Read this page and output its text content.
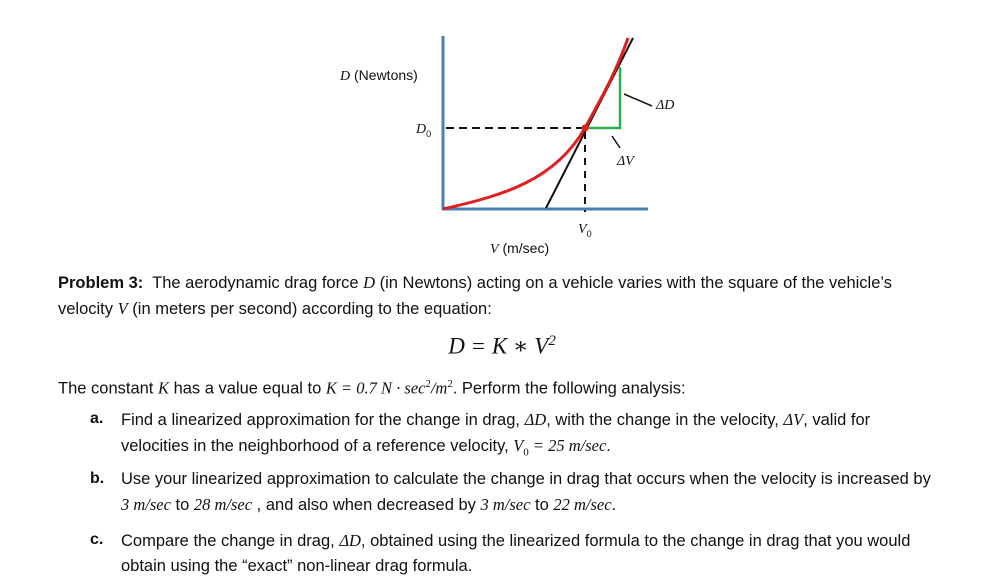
D (Newtons)
$D_0$
$V_0$
ΔD
ΔV
V (m/sec)
Problem 3: The aerodynamic drag force D (in Newtons) acting on a vehicle varies with the square of the vehicle’s
velocity V (in meters per second) according to the equation:
D = K ∗ $V^2$
The constant K has a value equal to K = 0.7 $N \cdot \sec^2/m^2$. Perform the following analysis:
a. Find a linearized approximation for the change in drag, ΔD, with the change in the velocity, ΔV, valid for
velocities in the neighborhood of a reference velocity, $V_0 = 25$ m/sec.
b. Use your linearized approximation to calculate the change in drag that occurs when the velocity is increased by
3 m/sec to 28 m/sec , and also when decreased by 3 m/sec to 22 m/sec.
c. Compare the change in drag, ΔD, obtained using the linearized formula to the change in drag that you would
obtain using the “exact” non-linear drag formula.
